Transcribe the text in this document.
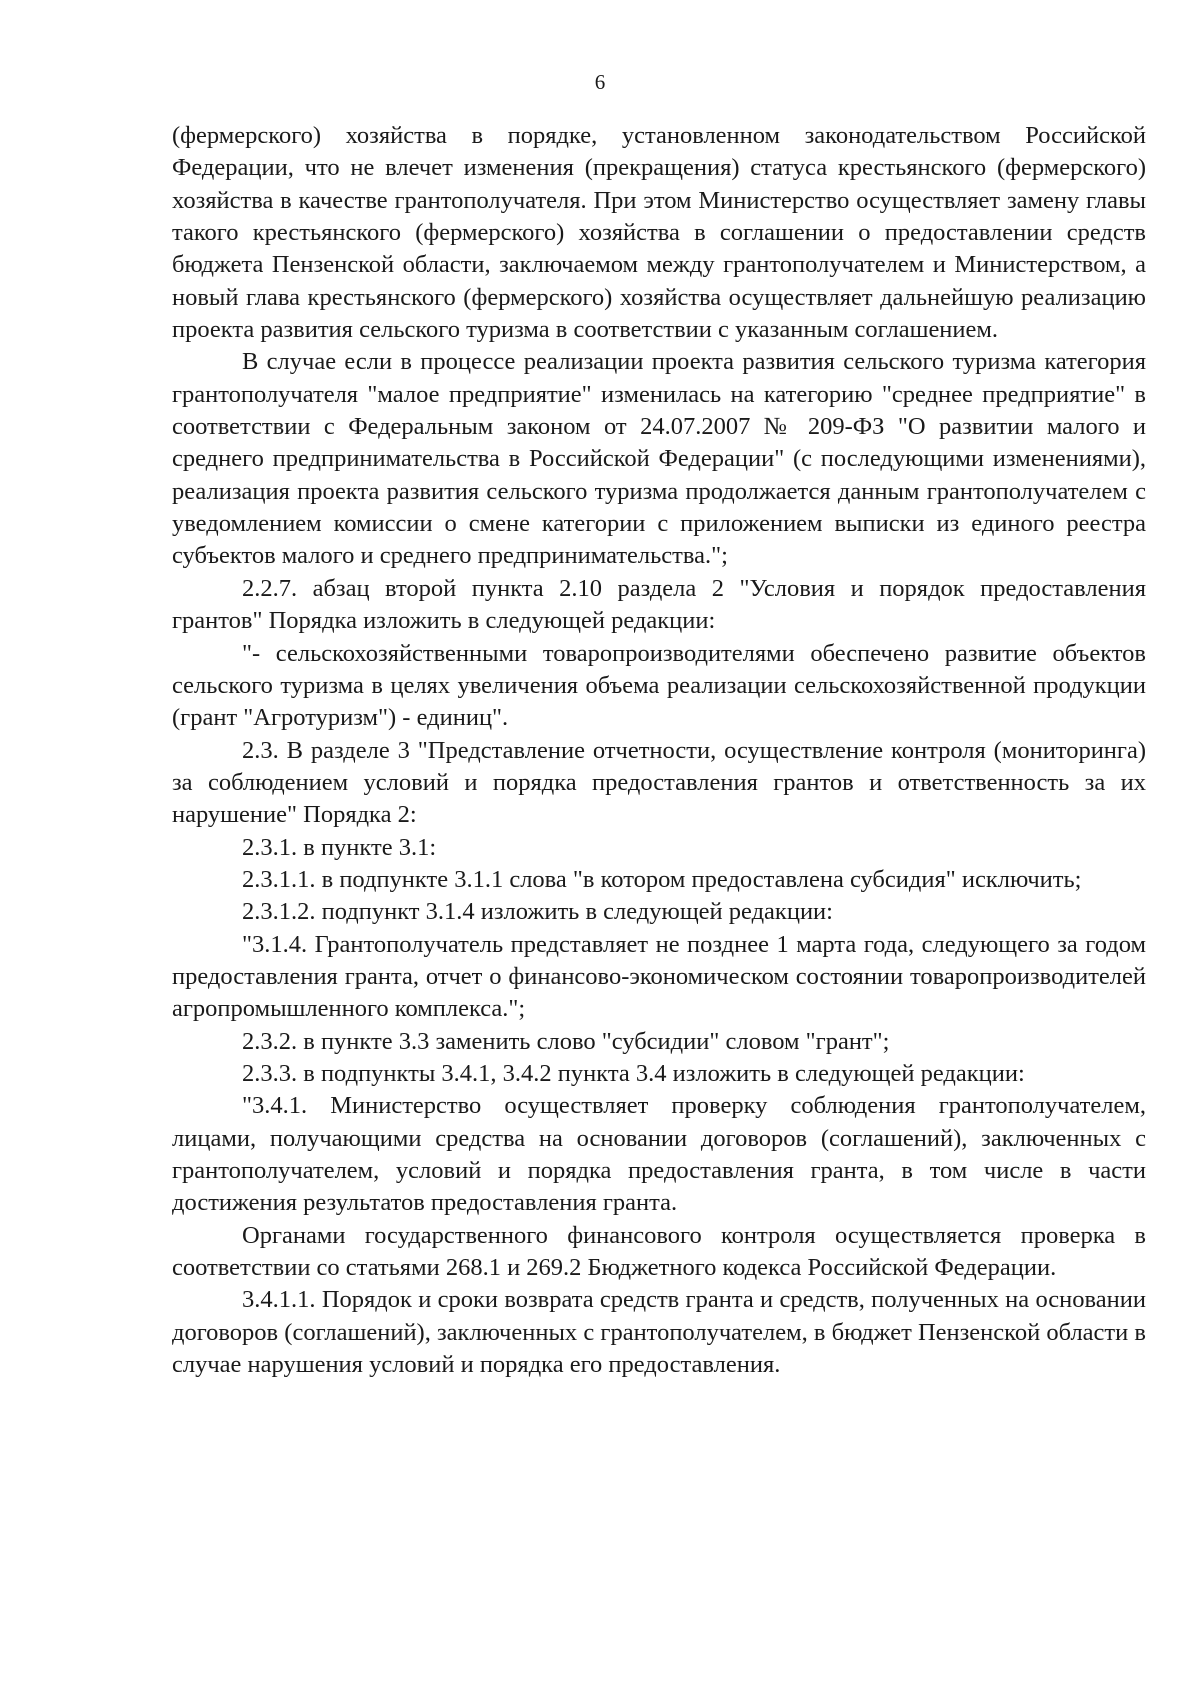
6

(фермерского) хозяйства в порядке, установленном законодательством Российской Федерации, что не влечет изменения (прекращения) статуса крестьянского (фермерского) хозяйства в качестве грантополучателя. При этом Министерство осуществляет замену главы такого крестьянского (фермерского) хозяйства в соглашении о предоставлении средств бюджета Пензенской области, заключаемом между грантополучателем и Министерством, а новый глава крестьянского (фермерского) хозяйства осуществляет дальнейшую реализацию проекта развития сельского туризма в соответствии с указанным соглашением.

В случае если в процессе реализации проекта развития сельского туризма категория грантополучателя "малое предприятие" изменилась на категорию "среднее предприятие" в соответствии с Федеральным законом от 24.07.2007 № 209-ФЗ "О развитии малого и среднего предпринимательства в Российской Федерации" (с последующими изменениями), реализация проекта развития сельского туризма продолжается данным грантополучателем с уведомлением комиссии о смене категории с приложением выписки из единого реестра субъектов малого и среднего предпринимательства.";

2.2.7. абзац второй пункта 2.10 раздела 2 "Условия и порядок предоставления грантов" Порядка изложить в следующей редакции:

"- сельскохозяйственными товаропроизводителями обеспечено развитие объектов сельского туризма в целях увеличения объема реализации сельскохозяйственной продукции (грант "Агротуризм") - единиц".

2.3. В разделе 3 "Представление отчетности, осуществление контроля (мониторинга) за соблюдением условий и порядка предоставления грантов и ответственность за их нарушение" Порядка 2:

2.3.1. в пункте 3.1:

2.3.1.1. в подпункте 3.1.1 слова "в котором предоставлена субсидия" исключить;

2.3.1.2. подпункт 3.1.4 изложить в следующей редакции:

"3.1.4. Грантополучатель представляет не позднее 1 марта года, следующего за годом предоставления гранта, отчет о финансово-экономическом состоянии товаропроизводителей агропромышленного комплекса.";

2.3.2. в пункте 3.3 заменить слово "субсидии" словом "грант";

2.3.3. в подпункты 3.4.1, 3.4.2 пункта 3.4 изложить в следующей редакции:

"3.4.1. Министерство осуществляет проверку соблюдения грантополучателем, лицами, получающими средства на основании договоров (соглашений), заключенных с грантополучателем, условий и порядка предоставления гранта, в том числе в части достижения результатов предоставления гранта.

Органами государственного финансового контроля осуществляется проверка в соответствии со статьями 268.1 и 269.2 Бюджетного кодекса Российской Федерации.

3.4.1.1. Порядок и сроки возврата средств гранта и средств, полученных на основании договоров (соглашений), заключенных с грантополучателем, в бюджет Пензенской области в случае нарушения условий и порядка его предоставления.
